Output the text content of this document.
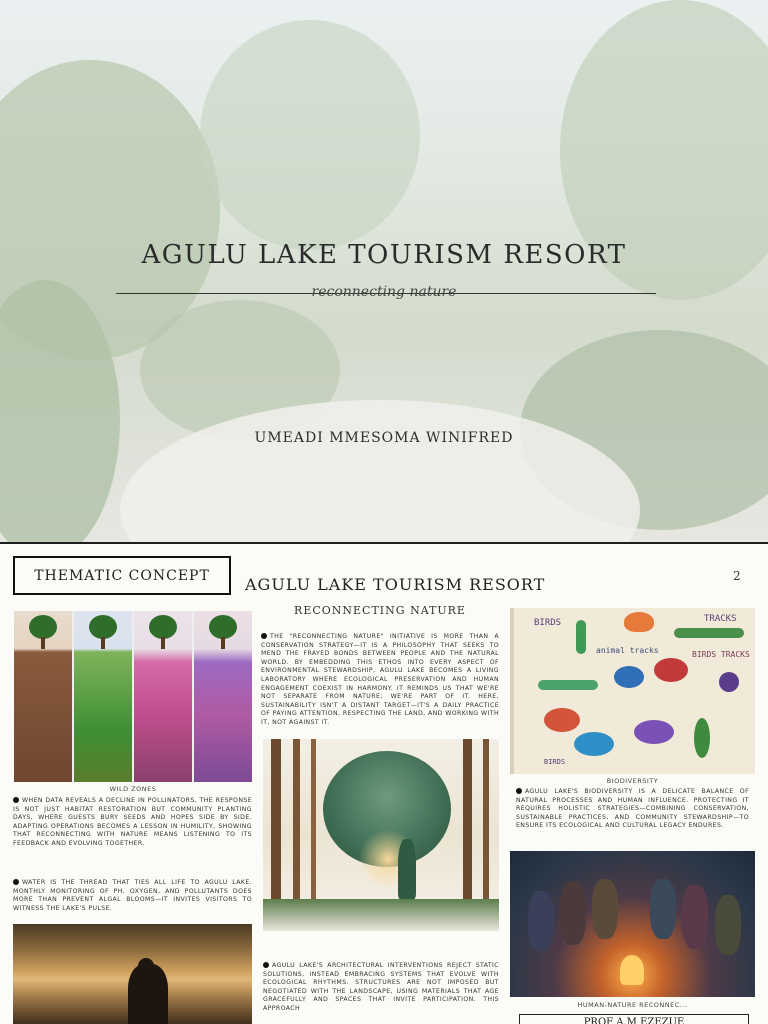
AGULU LAKE TOURISM RESORT
reconnecting nature
UMEADI MMESOMA WINIFRED
THEMATIC CONCEPT	AGULU LAKE TOURISM RESORT	2
RECONNECTING NATURE
WILD ZONES
WHEN DATA REVEALS A DECLINE IN POLLINATORS, THE RESPONSE IS NOT JUST HABITAT RESTORATION BUT COMMUNITY PLANTING DAYS, WHERE GUESTS BURY SEEDS AND HOPES SIDE BY SIDE. ADAPTING OPERATIONS BECOMES A LESSON IN HUMILITY, SHOWING THAT RECONNECTING WITH NATURE MEANS LISTENING TO ITS FEEDBACK AND EVOLVING TOGETHER.
WATER IS THE THREAD THAT TIES ALL LIFE TO AGULU LAKE. MONTHLY MONITORING OF PH, OXYGEN, AND POLLUTANTS DOES MORE THAN PREVENT ALGAL BLOOMS—IT INVITES VISITORS TO WITNESS THE LAKE'S PULSE.
THE "RECONNECTING NATURE" INITIATIVE IS MORE THAN A CONSERVATION STRATEGY—IT IS A PHILOSOPHY THAT SEEKS TO MEND THE FRAYED BONDS BETWEEN PEOPLE AND THE NATURAL WORLD. BY EMBEDDING THIS ETHOS INTO EVERY ASPECT OF ENVIRONMENTAL STEWARDSHIP, AGULU LAKE BECOMES A LIVING LABORATORY WHERE ECOLOGICAL PRESERVATION AND HUMAN ENGAGEMENT COEXIST IN HARMONY. IT REMINDS US THAT WE'RE NOT SEPARATE FROM NATURE; WE'RE PART OF IT. HERE, SUSTAINABILITY ISN'T A DISTANT TARGET—IT'S A DAILY PRACTICE OF PAYING ATTENTION, RESPECTING THE LAND, AND WORKING WITH IT, NOT AGAINST IT.
AGULU LAKE'S ARCHITECTURAL INTERVENTIONS REJECT STATIC SOLUTIONS, INSTEAD EMBRACING SYSTEMS THAT EVOLVE WITH ECOLOGICAL RHYTHMS. STRUCTURES ARE NOT IMPOSED BUT NEGOTIATED WITH THE LANDSCAPE, USING MATERIALS THAT AGE GRACEFULLY AND SPACES THAT INVITE PARTICIPATION. THIS APPROACH
BIRDS	TRACKS
animal tracks	BIRDS TRACKS
BIRDS
BIODIVERSITY
AGULU LAKE'S BIODIVERSITY IS A DELICATE BALANCE OF NATURAL PROCESSES AND HUMAN INFLUENCE. PROTECTING IT REQUIRES HOLISTIC STRATEGIES—COMBINING CONSERVATION, SUSTAINABLE PRACTICES, AND COMMUNITY STEWARDSHIP—TO ENSURE ITS ECOLOGICAL AND CULTURAL LEGACY ENDURES.
HUMAN-NATURE RECONNEC...
PROF A.M EZEZUE
